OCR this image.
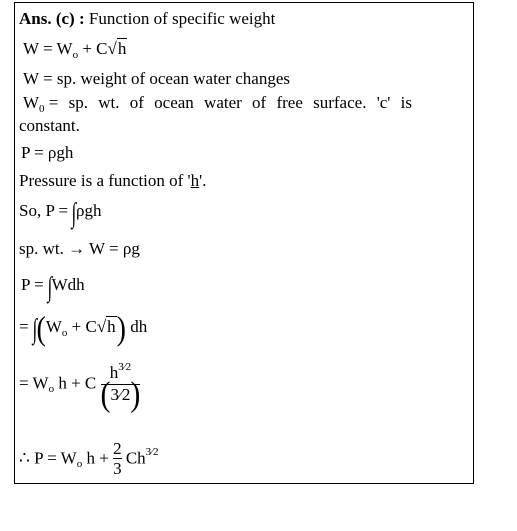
Ans. (c) : Function of specific weight
$W = W_o + C√h$
W = sp. weight of ocean water changes
$W_0$ = sp. wt. of ocean water of free surface. 'c' is
constant.
P = ρgh
Pressure is a function of 'h'.
So, P = ∫ρgh
sp. wt. → W = ρg
P = ∫Wdh
= $\int(W_o + C√h)$ dh
= $W_o$ h + C $\frac{h^{3⁄2}}{(3⁄2)}$
∴ $P = W_o$ $h + \frac{2}{3} Ch^{3⁄2}$
